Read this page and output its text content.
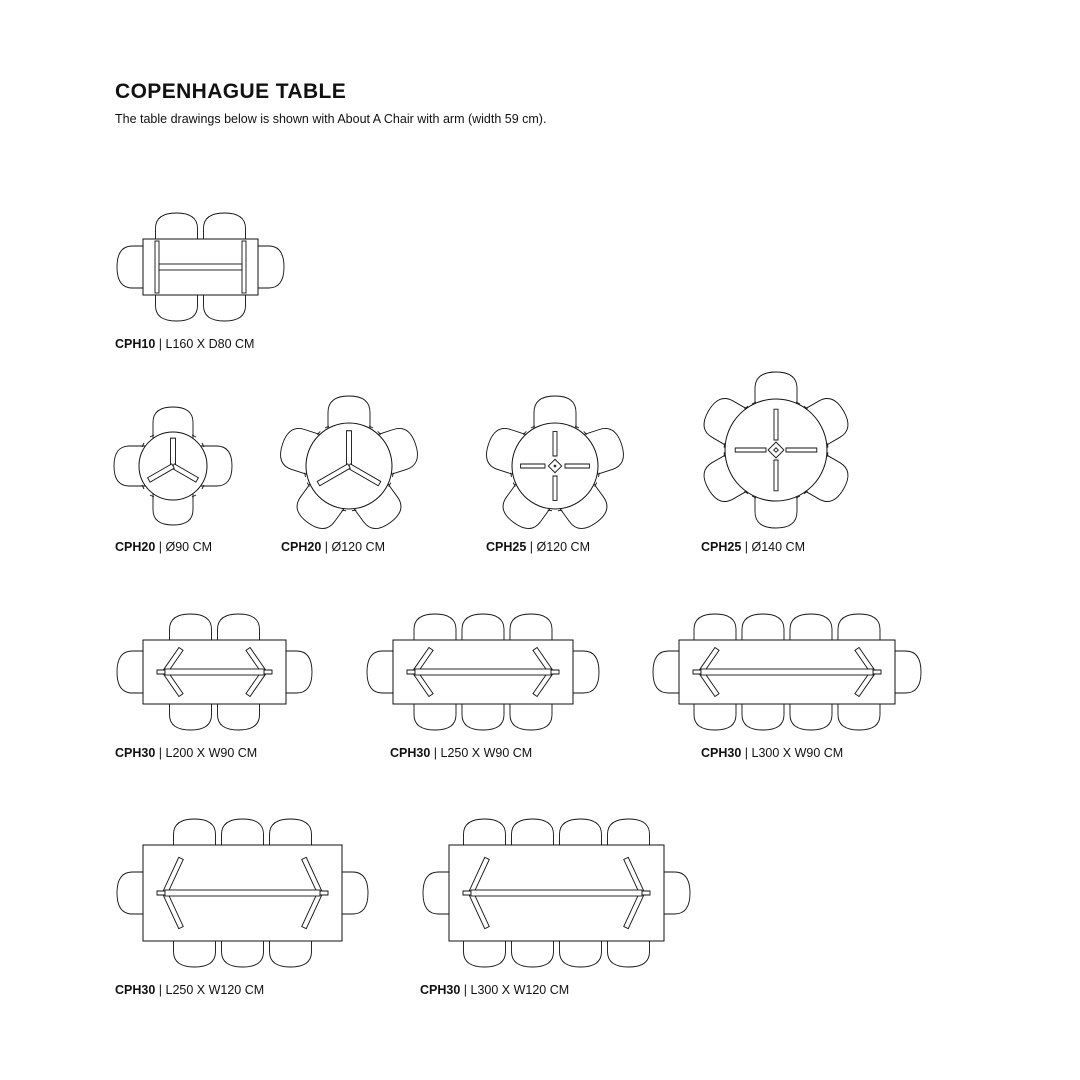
COPENHAGUE TABLE

The table drawings below is shown with About A Chair with arm (width 59 cm).

CPH10 | L160 X D80 CM
CPH20 | Ø90 CM	CPH20 | Ø120 CM	CPH25 | Ø120 CM	CPH25 | Ø140 CM
CPH30 | L200 X W90 CM	CPH30 | L250 X W90 CM	CPH30 | L300 X W90 CM
CPH30 | L250 X W120 CM	CPH30 | L300 X W120 CM
